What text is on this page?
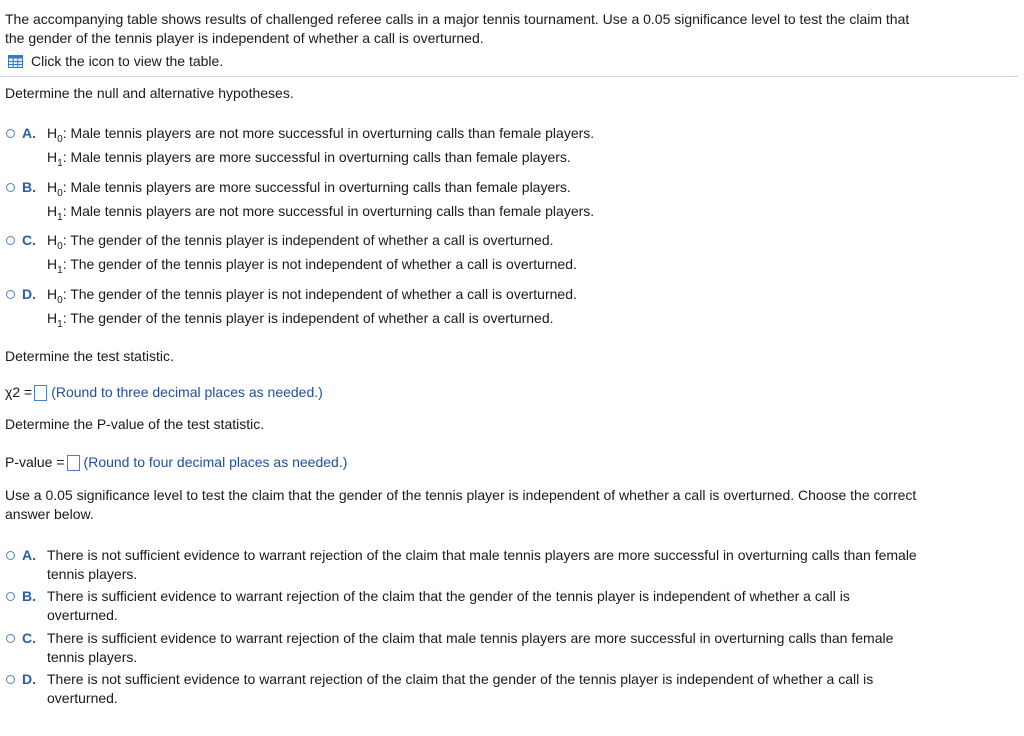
The accompanying table shows results of challenged referee calls in a major tennis tournament. Use a 0.05 significance level to test the claim that
the gender of the tennis player is independent of whether a call is overturned.
Click the icon to view the table.
Determine the null and alternative hypotheses.
A. $H_0$: Male tennis players are not more successful in overturning calls than female players.
$H_1$: Male tennis players are more successful in overturning calls than female players.
B. $H_0$: Male tennis players are more successful in overturning calls than female players.
$H_1$: Male tennis players are not more successful in overturning calls than female players.
C. $H_0$: The gender of the tennis player is independent of whether a call is overturned.
$H_1$: The gender of the tennis player is not independent of whether a call is overturned.
D. $H_0$: The gender of the tennis player is not independent of whether a call is overturned.
$H_1$: The gender of the tennis player is independent of whether a call is overturned.
Determine the test statistic.
χ2 = (Round to three decimal places as needed.)
Determine the P-value of the test statistic.
P-value = (Round to four decimal places as needed.)
Use a 0.05 significance level to test the claim that the gender of the tennis player is independent of whether a call is overturned. Choose the correct
answer below.
A. There is not sufficient evidence to warrant rejection of the claim that male tennis players are more successful in overturning calls than female
tennis players.
B. There is sufficient evidence to warrant rejection of the claim that the gender of the tennis player is independent of whether a call is
overturned.
C. There is sufficient evidence to warrant rejection of the claim that male tennis players are more successful in overturning calls than female
tennis players.
D. There is not sufficient evidence to warrant rejection of the claim that the gender of the tennis player is independent of whether a call is
overturned.
